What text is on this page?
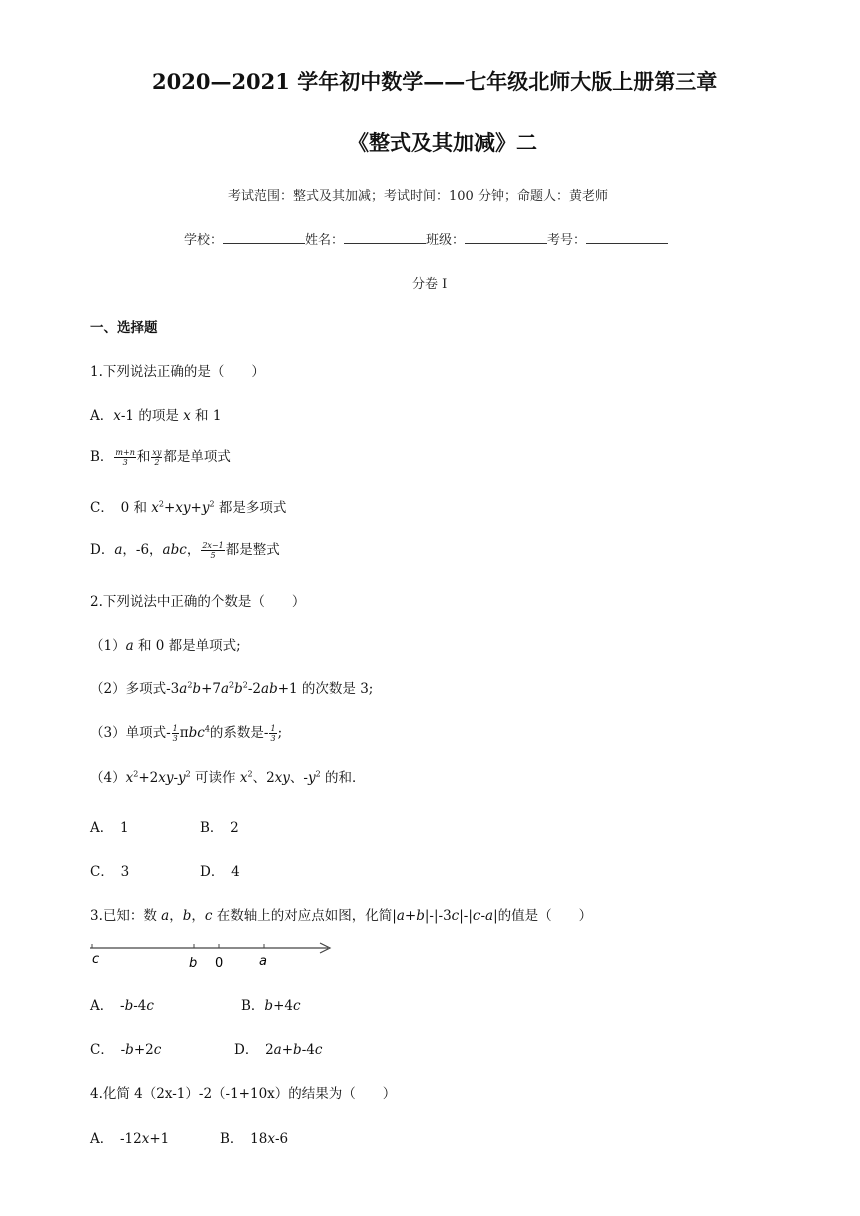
2020—2021 学年初中数学——七年级北师大版上册第三章
《整式及其加减》二
考试范围：整式及其加减；考试时间：100 分钟；命题人：黄老师
学校：	姓名：	班级：	考号：
分卷 I
一、选择题
1.下列说法正确的是（　　）
A．x-1 的项是 x 和 1
B． $\frac{m+n}{3}$ 和 $\frac{xy}{2}$ 都是单项式
C．　0 和 $x^2+xy+y^2$ 都是多项式
D．a，-6，abc， $\frac{2x-1}{5}$ 都是整式
2.下列说法中正确的个数是（　　）
（1）a 和 0 都是单项式;
（2）多项式$-3a^2b+7a^2b^2-2ab+1$ 的次数是 3;
（3）单项式- $\frac{1}{3} \pi bc^4$的系数是- $\frac{1}{3}$ ;
$(4)x^2+2xy-y^2$ 可读作 $x^2$、2xy、$-y^2$ 的和．
A．　1	B．　2
C．　3	D．　4
3.已知：数 a，b，c 在数轴上的对应点如图，化简|a+b|-|-3c|-|c-a|的值是（　　）
c	b 0	a
A．　-b-4c	B．b+4c
C．　-b+2c	D．　2a+b-4c
4.化简 4（2x-1）-2（-1+10x）的结果为（　　）
A．　-12x+1	B．　18x-6
